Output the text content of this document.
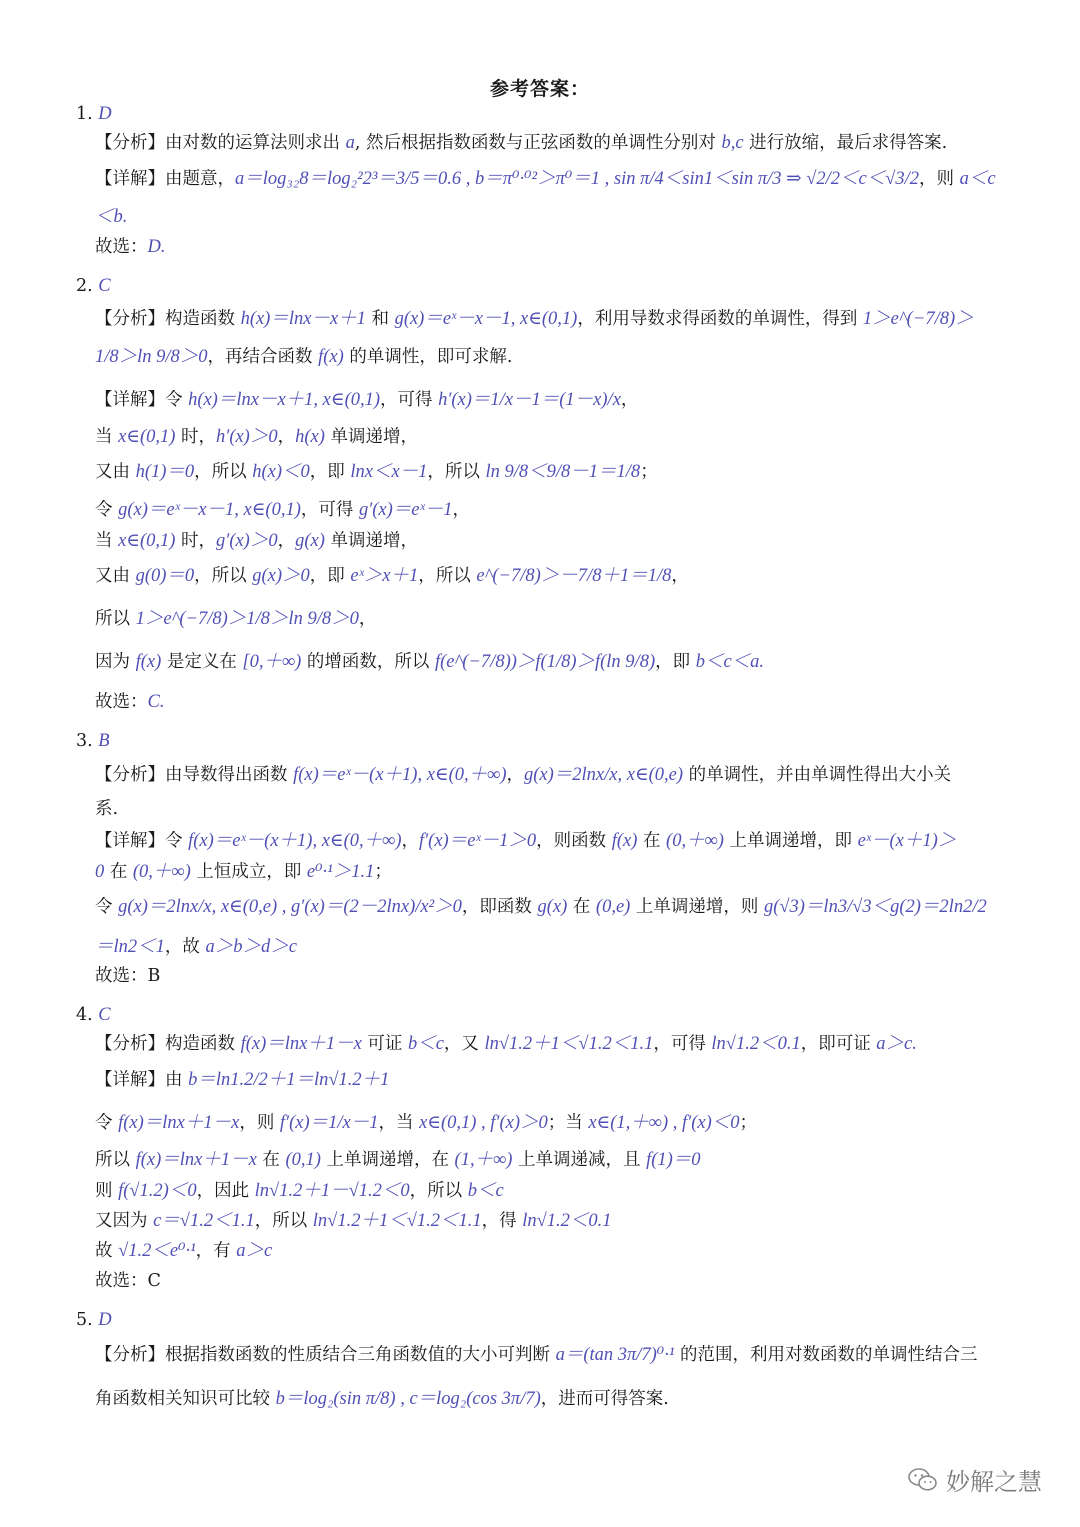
参考答案：
1. D
【分析】由对数的运算法则求出 a, 然后根据指数函数与正弦函数的单调性分别对 b,c 进行放缩，最后求得答案.
【详解】由题意，a＝log₃₂8＝log₂²2³＝3/5＝0.6 , b＝π⁰·⁰²＞π⁰＝1 , sin π/4＜sin1＜sin π/3 ⇒ √2/2＜c＜√3/2，则 a＜c
＜b.
故选：D.
2. C
【分析】构造函数 h(x)＝lnx－x＋1 和 g(x)＝eˣ－x－1, x∈(0,1)，利用导数求得函数的单调性，得到 1＞e^(−7/8)＞
1/8＞ln 9/8＞0，再结合函数 f(x) 的单调性，即可求解.
【详解】令 h(x)＝lnx－x＋1, x∈(0,1)，可得 h′(x)＝1/x－1＝(1－x)/x，
当 x∈(0,1) 时，h′(x)＞0，h(x) 单调递增，
又由 h(1)＝0，所以 h(x)＜0，即 lnx＜x－1，所以 ln 9/8＜9/8－1＝1/8；
令 g(x)＝eˣ－x－1, x∈(0,1)，可得 g′(x)＝eˣ－1，
当 x∈(0,1) 时，g′(x)＞0，g(x) 单调递增，
又由 g(0)＝0，所以 g(x)＞0，即 eˣ＞x＋1，所以 e^(−7/8)＞－7/8＋1＝1/8，
所以 1＞e^(−7/8)＞1/8＞ln 9/8＞0，
因为 f(x) 是定义在 [0,＋∞) 的增函数，所以 f(e^(−7/8))＞f(1/8)＞f(ln 9/8)，即 b＜c＜a.
故选：C.
3. B
【分析】由导数得出函数 f(x)＝eˣ－(x＋1), x∈(0,＋∞)，g(x)＝2lnx/x, x∈(0,e) 的单调性，并由单调性得出大小关
系.
【详解】令 f(x)＝eˣ－(x＋1), x∈(0,＋∞)，f′(x)＝eˣ－1＞0，则函数 f(x) 在 (0,＋∞) 上单调递增，即 eˣ－(x＋1)＞
0 在 (0,＋∞) 上恒成立，即 e⁰·¹＞1.1；
令 g(x)＝2lnx/x, x∈(0,e) , g′(x)＝(2－2lnx)/x²＞0，即函数 g(x) 在 (0,e) 上单调递增，则 g(√3)＝ln3/√3＜g(2)＝2ln2/2
＝ln2＜1，故 a＞b＞d＞c
故选：B
4. C
【分析】构造函数 f(x)＝lnx＋1－x 可证 b＜c，又 ln√1.2＋1＜√1.2＜1.1，可得 ln√1.2＜0.1，即可证 a＞c.
【详解】由 b＝ln1.2/2＋1＝ln√1.2＋1
令 f(x)＝lnx＋1－x，则 f′(x)＝1/x－1，当 x∈(0,1) , f′(x)＞0；当 x∈(1,＋∞) , f′(x)＜0；
所以 f(x)＝lnx＋1－x 在 (0,1) 上单调递增，在 (1,＋∞) 上单调递减，且 f(1)＝0
则 f(√1.2)＜0，因此 ln√1.2＋1－√1.2＜0，所以 b＜c
又因为 c＝√1.2＜1.1，所以 ln√1.2＋1＜√1.2＜1.1，得 ln√1.2＜0.1
故 √1.2＜e⁰·¹，有 a＞c
故选：C
5. D
【分析】根据指数函数的性质结合三角函数值的大小可判断 a＝(tan 3π/7)⁰·¹ 的范围，利用对数函数的单调性结合三
角函数相关知识可比较 b＝log₂(sin π/8) , c＝log₂(cos 3π/7)，进而可得答案.
妙解之慧
